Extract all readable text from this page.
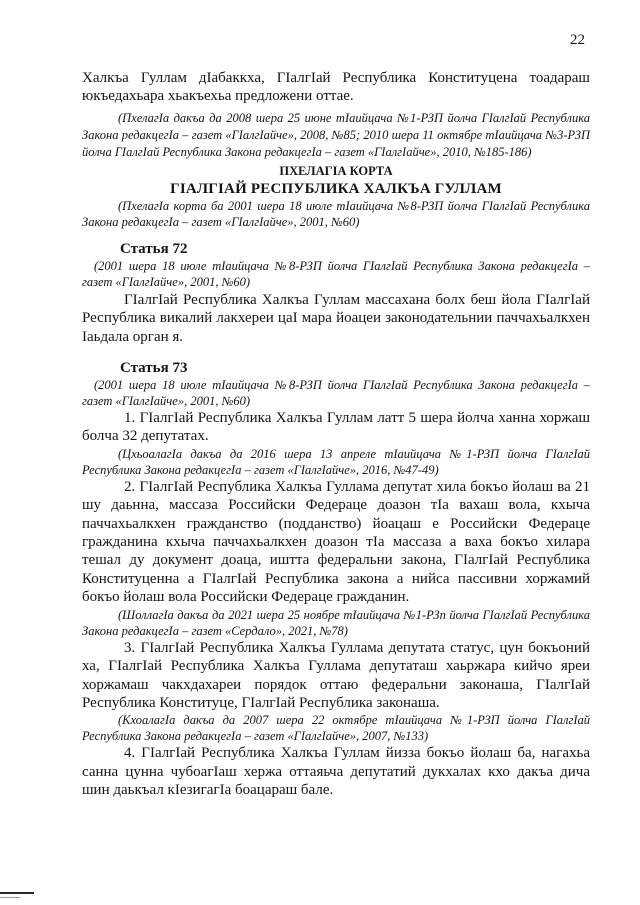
22

Халкъа Гуллам дIабаккха, ГIалгIай Республика Конституцена тоадараш юкъедахьара хьакъехьа предложени оттае.

(ПхелагIа дакъа да 2008 шера 25 июне тIаийцача №1-РЗП йолча ГIалгIай Республика Закона редакцегIа – газет «ГIалгIайче», 2008, №85; 2010 шера 11 октябре тIаийцача №3-РЗП йолча ГIалгIай Республика Закона редакцегIа – газет «ГIалгIайче», 2010, №185-186)

ПХЕЛАГIА КОРТА
ГIАЛГIАЙ РЕСПУБЛИКА ХАЛКЪА ГУЛЛАМ

(ПхелагIа корта ба 2001 шера 18 июле тIаийцача №8-РЗП йолча ГIалгIай Республика Закона редакцегIа – газет «ГIалгIайче», 2001, №60)

Статья 72

(2001 шера 18 июле тIаийцача №8-РЗП йолча ГIалгIай Республика Закона редакцегIа – газет «ГIалгIайче», 2001, №60)

ГIалгIай Республика Халкъа Гуллам массахана болх беш йола ГIалгIай Республика викалий лакхереи цаI мара йоацеи законодательнии паччахьалкхен Iаьдала орган я.

Статья 73

(2001 шера 18 июле тIаийцача №8-РЗП йолча ГIалгIай Республика Закона редакцегIа – газет «ГIалгIайче», 2001, №60)

1. ГIалгIай Республика Халкъа Гуллам латт 5 шера йолча ханна хоржаш болча 32 депутатах.

(ЦхьоалагIа дакъа да 2016 шера 13 апреле тIаийцача №1-РЗП йолча ГIалгIай Республика Закона редакцегIа – газет «ГIалгIайче», 2016, №47-49)

2. ГIалгIай Республика Халкъа Гуллама депутат хила бокъо йолаш ва 21 шу даьнна, массаза Российски Федераце доазон тIа вахаш вола, кхыча паччахьалкхен гражданство (подданство) йоацаш е Российски Федераце гражданина кхыча паччахьалкхен доазон тIа массаза а ваха бокъо хилара тешал ду документ доаца, иштта федеральни закона, ГIалгIай Республика Конституценна а ГIалгIай Республика закона а нийса пассивни хоржамий бокъо йолаш вола Российски Федераце гражданин.

(ШоллагIа дакъа да 2021 шера 25 ноябре тIаийцача №1-РЗп йолча ГIалгIай Республика Закона редакцегIа – газет «Сердало», 2021, №78)

3. ГIалгIай Республика Халкъа Гуллама депутата статус, цун бокъоний ха, ГIалгIай Республика Халкъа Гуллама депутаташ хаьржара кийчо яреи хоржамаш чакхдахареи порядок оттаю федеральни законаша, ГIалгIай Республика Конституце, ГIалгIай Республика законаша.

(КхоалагIа дакъа да 2007 шера 22 октябре тIаийцача №1-РЗП йолча ГIалгIай Республика Закона редакцегIа – газет «ГIалгIайче», 2007, №133)

4. ГIалгIай Республика Халкъа Гуллам йизза бокъо йолаш ба, нагахьа санна цунна чубоагIаш хержа оттаяьча депутатий дукхалах кхо дакъа дича шин даькъал кIезигагIа боацараш бале.
